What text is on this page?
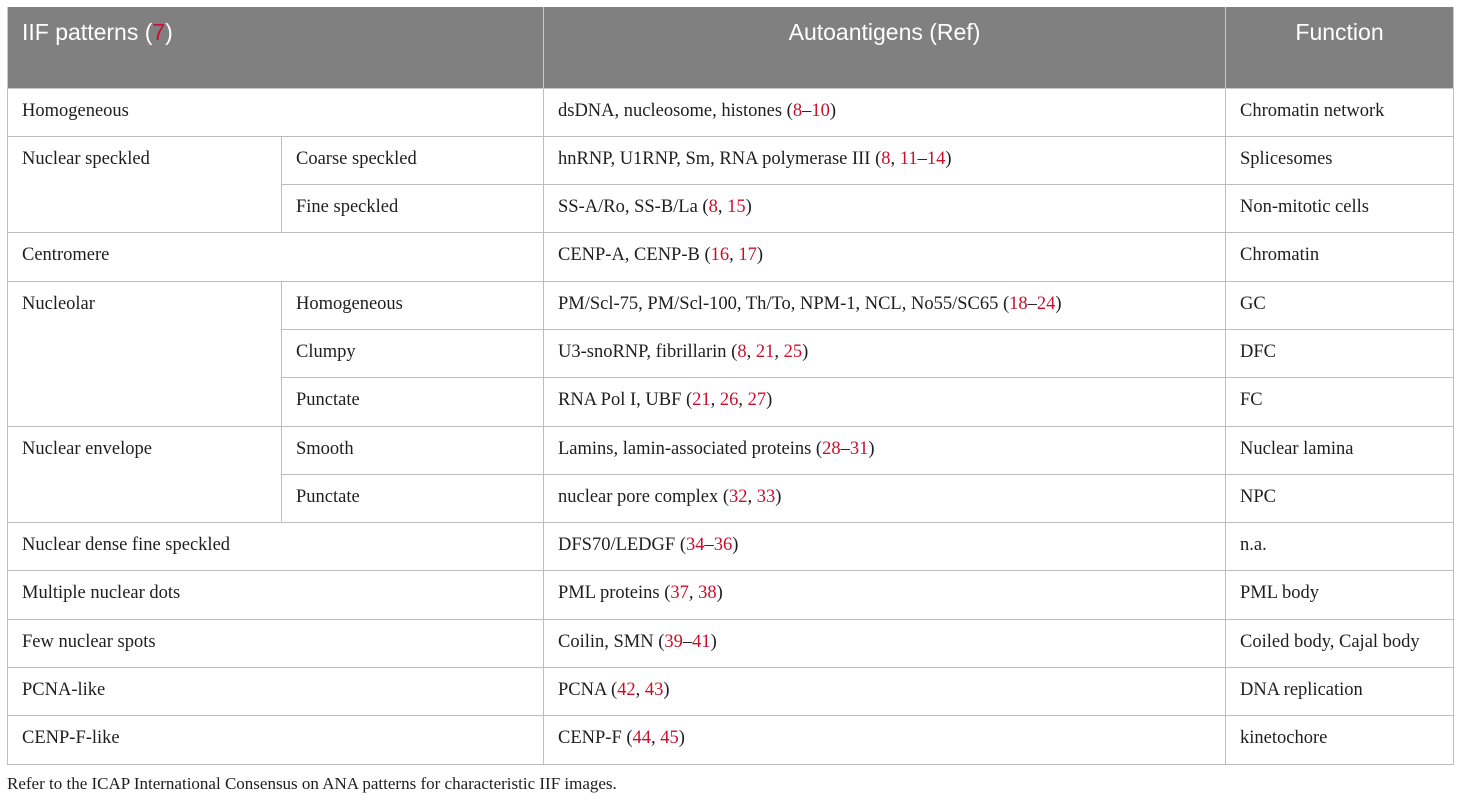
IIF patterns (7)		Autoantigens (Ref)	Function
Homogeneous		dsDNA, nucleosome, histones (8–10)	Chromatin network
Nuclear speckled	Coarse speckled	hnRNP, U1RNP, Sm, RNA polymerase III (8, 11–14)	Splicesomes
	Fine speckled	SS-A/Ro, SS-B/La (8, 15)	Non-mitotic cells
Centromere		CENP-A, CENP-B (16, 17)	Chromatin
Nucleolar	Homogeneous	PM/Scl-75, PM/Scl-100, Th/To, NPM-1, NCL, No55/SC65 (18–24)	GC
	Clumpy	U3-snoRNP, fibrillarin (8, 21, 25)	DFC
	Punctate	RNA Pol I, UBF (21, 26, 27)	FC
Nuclear envelope	Smooth	Lamins, lamin-associated proteins (28–31)	Nuclear lamina
	Punctate	nuclear pore complex (32, 33)	NPC
Nuclear dense fine speckled		DFS70/LEDGF (34–36)	n.a.
Multiple nuclear dots		PML proteins (37, 38)	PML body
Few nuclear spots		Coilin, SMN (39–41)	Coiled body, Cajal body
PCNA-like		PCNA (42, 43)	DNA replication
CENP-F-like		CENP-F (44, 45)	kinetochore
Refer to the ICAP International Consensus on ANA patterns for characteristic IIF images.
